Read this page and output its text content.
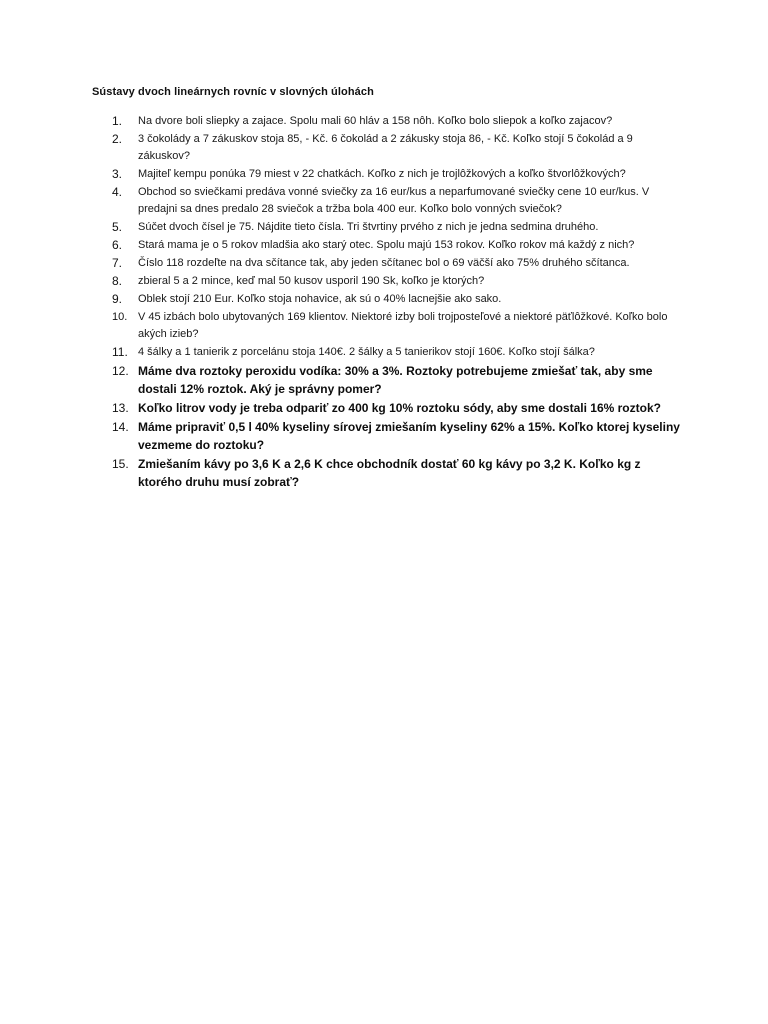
Sústavy dvoch lineárnych rovníc v slovných úlohách
1.	Na dvore boli sliepky a zajace. Spolu mali 60 hláv a 158 nôh. Koľko bolo sliepok a koľko zajacov?
2.	3 čokolády a 7 zákuskov stoja 85, - Kč. 6 čokolád a 2 zákusky stoja 86, - Kč. Koľko stojí 5 čokolád a 9 zákuskov?
3.	Majiteľ kempu ponúka 79 miest v 22 chatkách. Koľko z nich je trojlôžkových a koľko štvorlôžkových?
4.	Obchod so sviečkami predáva vonné sviečky za 16 eur/kus a neparfumované sviečky cene 10 eur/kus. V predajni sa dnes predalo 28 sviečok a tržba bola 400 eur. Koľko bolo vonných sviečok?
5.	Súčet dvoch čísel je 75. Nájdite tieto čísla. Tri štvrtiny prvého z nich je jedna sedmina druhého.
6.	Stará mama je o 5 rokov mladšia ako starý otec. Spolu majú 153 rokov. Koľko rokov má každý z nich?
7.	Číslo 118 rozdeľte na dva sčítance tak, aby jeden sčítanec bol o 69 väčší ako 75% druhého sčítanca.
8.	zbieral 5 a 2 mince, keď mal 50 kusov usporil 190 Sk, koľko je ktorých?
9.	Oblek stojí 210 Eur. Koľko stoja nohavice, ak sú o 40% lacnejšie ako sako.
10. V 45 izbách bolo ubytovaných 169 klientov. Niektoré izby boli trojposteľové a niektoré päťlôžkové. Koľko bolo akých izieb?
11. 4 šálky a 1 tanierik z porcelánu stoja 140€. 2 šálky a 5 tanierikov stojí 160€. Koľko stojí šálka?
12. Máme dva roztoky peroxidu vodíka: 30% a 3%. Roztoky potrebujeme zmiešať tak, aby sme dostali 12% roztok. Aký je správny pomer?
13. Koľko litrov vody je treba odpariť zo 400 kg 10% roztoku sódy, aby sme dostali 16% roztok?
14. Máme pripraviť 0,5 l 40% kyseliny sírovej zmiešaním kyseliny 62% a 15%. Koľko ktorej kyseliny vezmeme do roztoku?
15. Zmiešaním kávy po 3,6 K a 2,6 K chce obchodník dostať 60 kg kávy po 3,2 K. Koľko kg z ktorého druhu musí zobrať?
